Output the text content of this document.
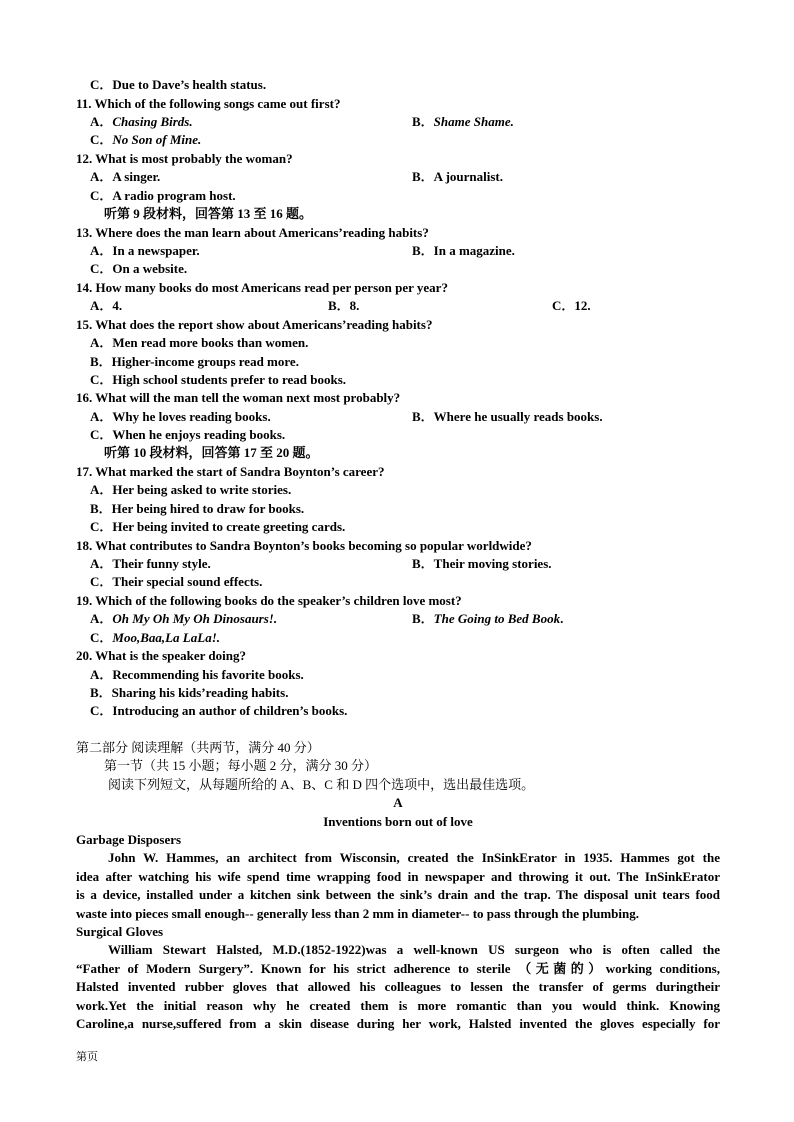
C．Due to Dave’s health status.
11. Which of the following songs came out first?
A．Chasing Birds.	B．Shame Shame.
C．No Son of Mine.
12. What is most probably the woman?
A．A singer.	B．A journalist.
C．A radio program host.
听第 9 段材料，回答第 13 至 16 题。
13. Where does the man learn about Americans’reading habits?
A．In a newspaper.	B．In a magazine.
C．On a website.
14. How many books do most Americans read per person per year?
A．4.	B．8.	C．12.
15. What does the report show about Americans’reading habits?
A．Men read more books than women.
B．Higher-income groups read more.
C．High school students prefer to read books.
16. What will the man tell the woman next most probably?
A．Why he loves reading books.	B．Where he usually reads books.
C．When he enjoys reading books.
听第 10 段材料，回答第 17 至 20 题。
17. What marked the start of Sandra Boynton’s career?
A．Her being asked to write stories.
B．Her being hired to draw for books.
C．Her being invited to create greeting cards.
18. What contributes to Sandra Boynton’s books becoming so popular worldwide?
A．Their funny style.	B．Their moving stories.
C．Their special sound effects.
19. Which of the following books do the speaker’s children love most?
A．Oh My Oh My Oh Dinosaurs!.	B．The Going to Bed Book.
C．Moo,Baa,La LaLa!.
20. What is the speaker doing?
A．Recommending his favorite books.
B．Sharing his kids’reading habits.
C．Introducing an author of children’s books.
第二部分 阅读理解（共两节，满分 40 分）
第一节（共 15 小题；每小题 2 分，满分 30 分）
阅读下列短文，从每题所给的 A、B、C 和 D 四个选项中，选出最佳选项。
A
Inventions born out of love
Garbage Disposers
John W. Hammes, an architect from Wisconsin, created the InSinkErator in 1935. Hammes got the
idea after watching his wife spend time wrapping food in newspaper and throwing it out. The InSinkErator
is a device, installed under a kitchen sink between the sink’s drain and the trap. The disposal unit tears food
waste into pieces small enough-- generally less than 2 mm in diameter-- to pass through the plumbing.
Surgical Gloves
William Stewart Halsted, M.D.(1852-1922)was a well-known US surgeon who is often called the
“Father of Modern Surgery”. Known for his strict adherence to sterile （无菌的）working conditions,
Halsted invented rubber gloves that allowed his colleagues to lessen the transfer of germs duringtheir
work.Yet the initial reason why he created them is more romantic than you would think. Knowing
Caroline,a nurse,suffered from a skin disease during her work, Halsted invented the gloves especially for
第页
